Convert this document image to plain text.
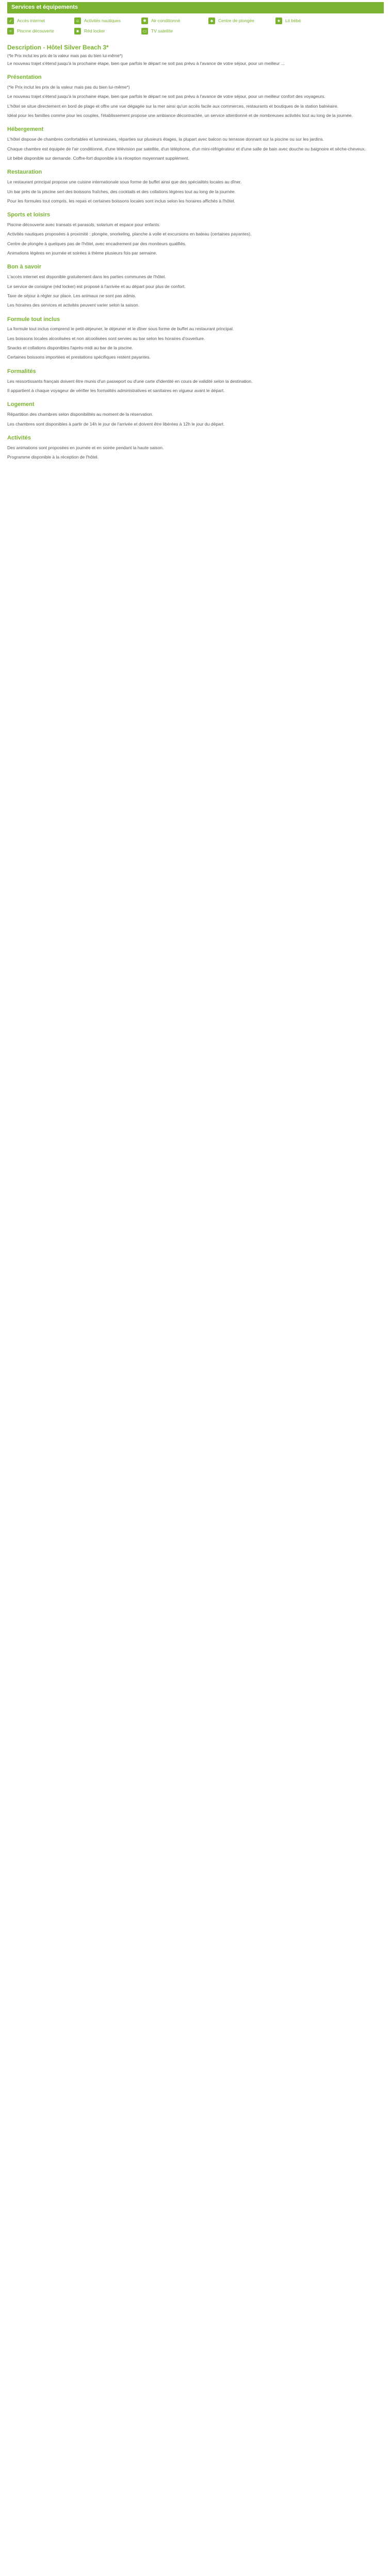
Services et équipements
✓	Accès internet	☺ Activités nautiques	✱	Air conditionné	♣	Centre de plongée	★	Lit bébé
≈	Piscine découverte	■	Réd locker	▭	TV satellite
Description - Hôtel Silver Beach 3*

(*le Prix inclut les prix de la valeur mais pas du bien lui-même*)

Le nouveau trajet s'étend jusqu'à la prochaine étape, bien que parfois le départ ne soit pas prévu à l'avance de votre séjour, pour un meilleur ...

Présentation

(*le Prix inclut les prix de la valeur mais pas du bien lui-même*)

Le nouveau trajet s'étend jusqu'à la prochaine étape, bien que parfois le départ ne soit pas prévu à l'avance de votre séjour, pour un meilleur confort des voyageurs.

L'hôtel se situe directement en bord de plage et offre une vue dégagée sur la mer ainsi qu'un accès facile aux commerces, restaurants et boutiques de la station balnéaire.

Idéal pour les familles comme pour les couples, l'établissement propose une ambiance décontractée, un service attentionné et de nombreuses activités tout au long de la journée.

Hébergement

L'hôtel dispose de chambres confortables et lumineuses, réparties sur plusieurs étages, la plupart avec balcon ou terrasse donnant sur la piscine ou sur les jardins.

Chaque chambre est équipée de l'air conditionné, d'une télévision par satellite, d'un téléphone, d'un mini-réfrigérateur et d'une salle de bain avec douche ou baignoire et sèche-cheveux.

Lit bébé disponible sur demande. Coffre-fort disponible à la réception moyennant supplément.

Restauration

Le restaurant principal propose une cuisine internationale sous forme de buffet ainsi que des spécialités locales au dîner.

Un bar près de la piscine sert des boissons fraîches, des cocktails et des collations légères tout au long de la journée.

Pour les formules tout compris, les repas et certaines boissons locales sont inclus selon les horaires affichés à l'hôtel.

Sports et loisirs

Piscine découverte avec transats et parasols, solarium et espace pour enfants.

Activités nautiques proposées à proximité : plongée, snorkeling, planche à voile et excursions en bateau (certaines payantes).

Centre de plongée à quelques pas de l'hôtel, avec encadrement par des moniteurs qualifiés.

Animations légères en journée et soirées à thème plusieurs fois par semaine.

Bon à savoir

L'accès internet est disponible gratuitement dans les parties communes de l'hôtel.

Le service de consigne (réd locker) est proposé à l'arrivée et au départ pour plus de confort.

Taxe de séjour à régler sur place. Les animaux ne sont pas admis.

Les horaires des services et activités peuvent varier selon la saison.

Formule tout inclus

La formule tout inclus comprend le petit-déjeuner, le déjeuner et le dîner sous forme de buffet au restaurant principal.

Les boissons locales alcoolisées et non alcoolisées sont servies au bar selon les horaires d'ouverture.

Snacks et collations disponibles l'après-midi au bar de la piscine.

Certaines boissons importées et prestations spécifiques restent payantes.

Formalités

Les ressortissants français doivent être munis d'un passeport ou d'une carte d'identité en cours de validité selon la destination.

Il appartient à chaque voyageur de vérifier les formalités administratives et sanitaires en vigueur avant le départ.

Logement

Répartition des chambres selon disponibilités au moment de la réservation.

Les chambres sont disponibles à partir de 14h le jour de l'arrivée et doivent être libérées à 12h le jour du départ.

Activités

Des animations sont proposées en journée et en soirée pendant la haute saison.

Programme disponible à la réception de l'hôtel.
